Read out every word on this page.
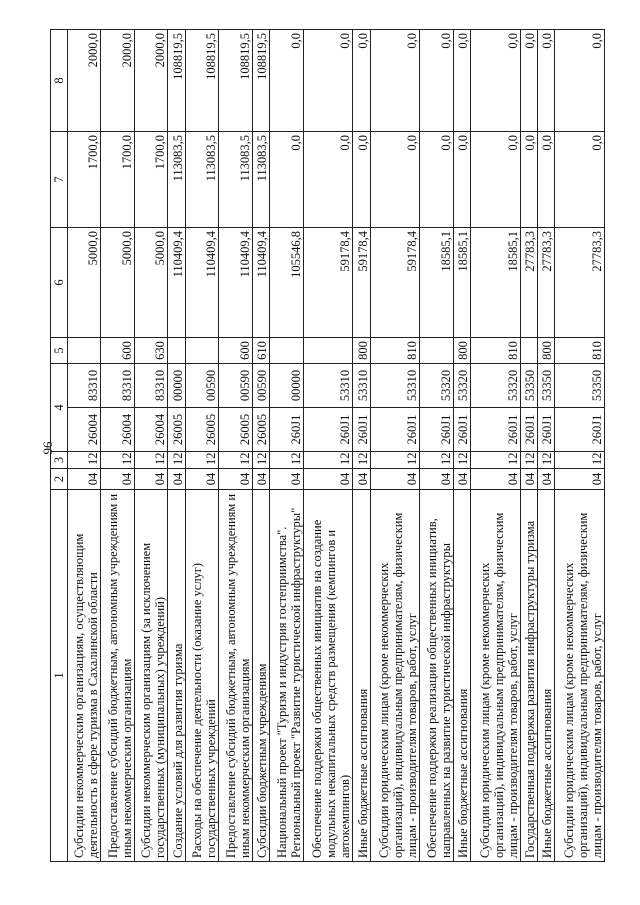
96
1	2	3	4		5	6	7	8
Субсидии некоммерческим организациям, осуществляющим деятельность в сфере туризма в Сахалинской области	04	12	26004	83310		5000,0	1700,0	2000,0
Предоставление субсидий бюджетным, автономным учреждениям и иным некоммерческим организациям	04	12	26004	83310	600	5000,0	1700,0	2000,0
Субсидии некоммерческим организациям (за исключением государственных (муниципальных) учреждений)	04	12	26004	83310	630	5000,0	1700,0	2000,0
Создание условий для развития туризма	04	12	26005	00000		110409,4	113083,5	108819,5
Расходы на обеспечение деятельности (оказание услуг) государственных учреждений	04	12	26005	00590		110409,4	113083,5	108819,5
Предоставление субсидий бюджетным, автономным учреждениям и иным некоммерческим организациям	04	12	26005	00590	600	110409,4	113083,5	108819,5
Субсидии бюджетным учреждениям	04	12	26005	00590	610	110409,4	113083,5	108819,5
Национальный проект "Туризм и индустрия гостеприимства". Региональный проект "Развитие туристической инфраструктуры"	04	12	260J1	00000		105546,8	0,0	0,0
Обеспечение поддержки общественных инициатив на создание модульных некапитальных средств размещения (кемпингов и автокемпингов)	04	12	260J1	53310		59178,4	0,0	0,0
Иные бюджетные ассигнования	04	12	260J1	53310	800	59178,4	0,0	0,0
Субсидии юридическим лицам (кроме некоммерческих организаций), индивидуальным предпринимателям, физическим лицам - производителям товаров, работ, услуг	04	12	260J1	53310	810	59178,4	0,0	0,0
Обеспечение поддержки реализации общественных инициатив, направленных на развитие туристической инфраструктуры	04	12	260J1	53320		18585,1	0,0	0,0
Иные бюджетные ассигнования	04	12	260J1	53320	800	18585,1	0,0	0,0
Субсидии юридическим лицам (кроме некоммерческих организаций), индивидуальным предпринимателям, физическим лицам - производителям товаров, работ, услуг	04	12	260J1	53320	810	18585,1	0,0	0,0
Государственная поддержка развития инфраструктуры туризма	04	12	260J1	53350		27783,3	0,0	0,0
Иные бюджетные ассигнования	04	12	260J1	53350	800	27783,3	0,0	0,0
Субсидии юридическим лицам (кроме некоммерческих организаций), индивидуальным предпринимателям, физическим лицам - производителям товаров, работ, услуг	04	12	260J1	53350	810	27783,3	0,0	0,0
